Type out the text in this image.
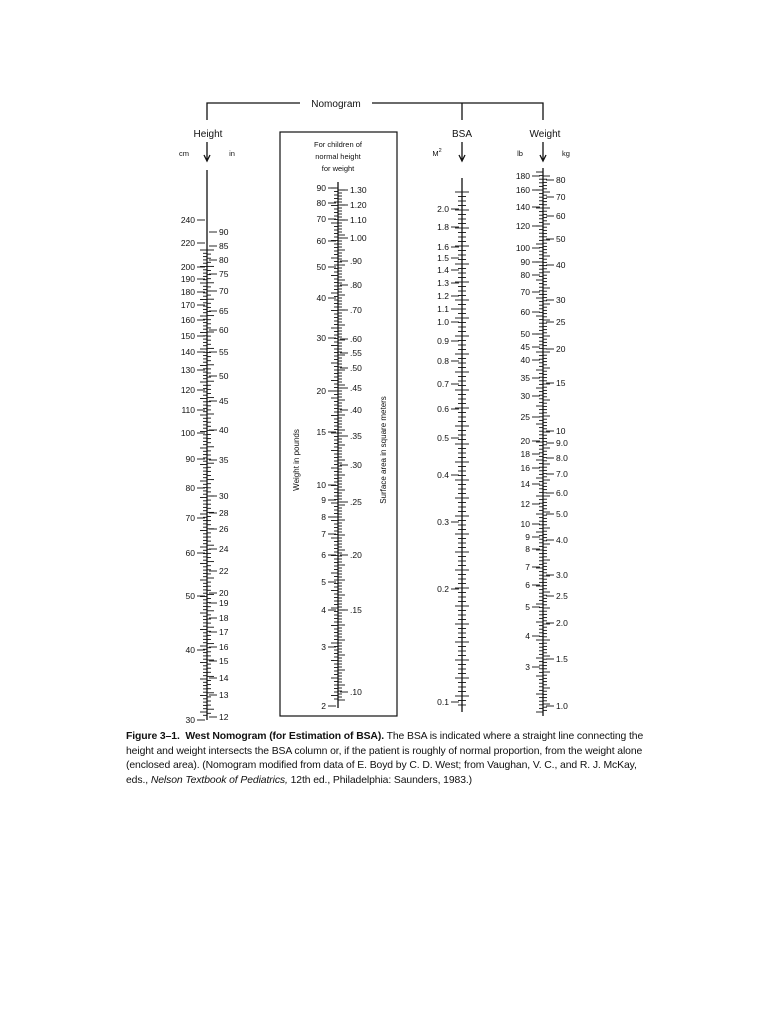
Nomogram
Height
cm	in
240
220
200
190
180
170
160
150
140
130
120
110
100
90
80
70
60
50
40
30
90
85
80
75
70
65
60
55
50
45
40
35
30
28
26
24
22
20
19
18
17
16
15
14
13
12
For children of
normal height
for weight
Weight in pounds	Surface area in square meters
90
80
70
60
50
40
30
20
15
10
9
8
7
6
5
4
3
2
1.30
1.20
1.10
1.00
.90
.80
.70
.60
.55
.50
.45
.40
.35
.30
.25
.20
.15
.10
BSA
$M^2$
2.0
1.8
1.6
1.5
1.4
1.3
1.2
1.1
1.0
0.9
0.8
0.7
0.6
0.5
0.4
0.3
0.2
0.1
Weight
lb	kg
180
160
140
120
100
90
80
70
60
50
45
40
35
30
25
20
18
16
14
12
10
9
8
7
6
5
4
3
80
70
60
50
40
30
25
20
15
10
9.0
8.0
7.0
6.0
5.0
4.0
3.0
2.5
2.0
1.5
1.0
Figure 3–1. West Nomogram (for Estimation of BSA). The BSA is indicated where a straight line connecting the height and weight intersects the BSA column or, if the patient is roughly of normal proportion, from the weight alone (enclosed area). (Nomogram modified from data of E. Boyd by C. D. West; from Vaughan, V. C., and R. J. McKay, eds., Nelson Textbook of Pediatrics, 12th ed., Philadelphia: Saunders, 1983.)
